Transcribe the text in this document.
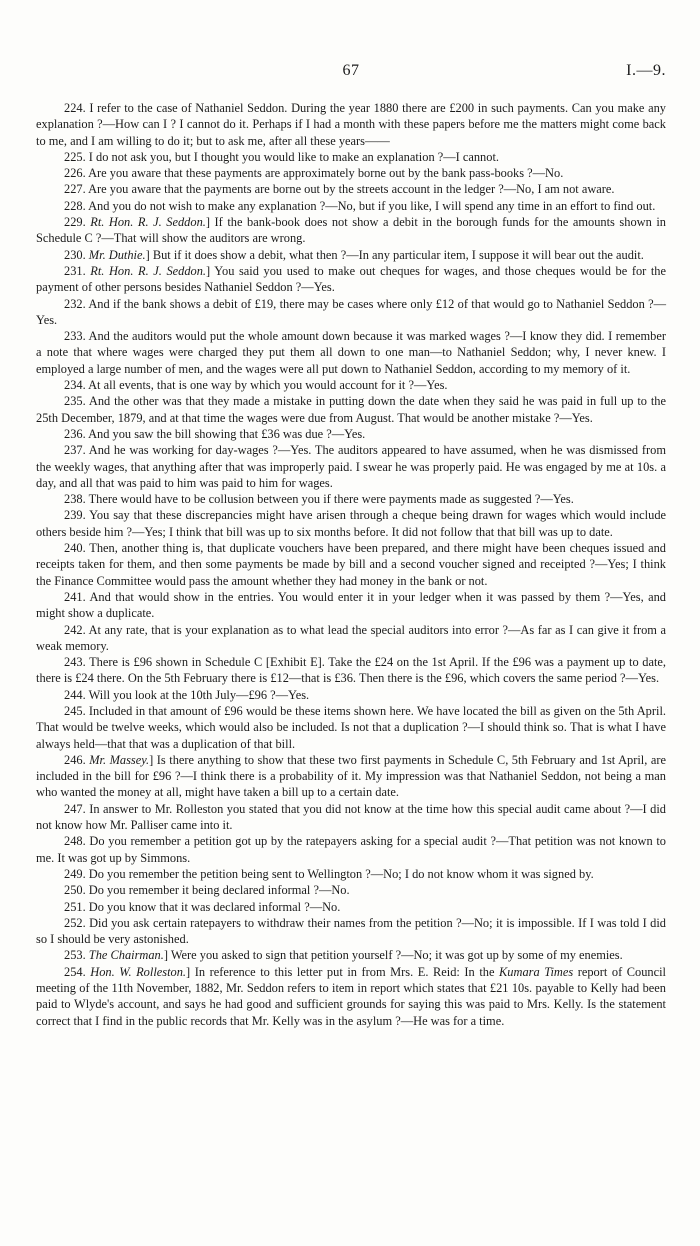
67	I.—9.

224. I refer to the case of Nathaniel Seddon. During the year 1880 there are £200 in such payments. Can you make any explanation ?—How can I ? I cannot do it. Perhaps if I had a month with these papers before me the matters might come back to me, and I am willing to do it; but to ask me, after all these years——

225. I do not ask you, but I thought you would like to make an explanation ?—I cannot.

226. Are you aware that these payments are approximately borne out by the bank pass-books ?—No.

227. Are you aware that the payments are borne out by the streets account in the ledger ?—No, I am not aware.

228. And you do not wish to make any explanation ?—No, but if you like, I will spend any time in an effort to find out.

229. Rt. Hon. R. J. Seddon.] If the bank-book does not show a debit in the borough funds for the amounts shown in Schedule C ?—That will show the auditors are wrong.

230. Mr. Duthie.] But if it does show a debit, what then ?—In any particular item, I suppose it will bear out the audit.

231. Rt. Hon. R. J. Seddon.] You said you used to make out cheques for wages, and those cheques would be for the payment of other persons besides Nathaniel Seddon ?—Yes.

232. And if the bank shows a debit of £19, there may be cases where only £12 of that would go to Nathaniel Seddon ?—Yes.

233. And the auditors would put the whole amount down because it was marked wages ?—I know they did. I remember a note that where wages were charged they put them all down to one man—to Nathaniel Seddon; why, I never knew. I employed a large number of men, and the wages were all put down to Nathaniel Seddon, according to my memory of it.

234. At all events, that is one way by which you would account for it ?—Yes.

235. And the other was that they made a mistake in putting down the date when they said he was paid in full up to the 25th December, 1879, and at that time the wages were due from August. That would be another mistake ?—Yes.

236. And you saw the bill showing that £36 was due ?—Yes.

237. And he was working for day-wages ?—Yes. The auditors appeared to have assumed, when he was dismissed from the weekly wages, that anything after that was improperly paid. I swear he was properly paid. He was engaged by me at 10s. a day, and all that was paid to him was paid to him for wages.

238. There would have to be collusion between you if there were payments made as suggested ?—Yes.

239. You say that these discrepancies might have arisen through a cheque being drawn for wages which would include others beside him ?—Yes; I think that bill was up to six months before. It did not follow that that bill was up to date.

240. Then, another thing is, that duplicate vouchers have been prepared, and there might have been cheques issued and receipts taken for them, and then some payments be made by bill and a second voucher signed and receipted ?—Yes; I think the Finance Committee would pass the amount whether they had money in the bank or not.

241. And that would show in the entries. You would enter it in your ledger when it was passed by them ?—Yes, and might show a duplicate.

242. At any rate, that is your explanation as to what lead the special auditors into error ?—As far as I can give it from a weak memory.

243. There is £96 shown in Schedule C [Exhibit E]. Take the £24 on the 1st April. If the £96 was a payment up to date, there is £24 there. On the 5th February there is £12—that is £36. Then there is the £96, which covers the same period ?—Yes.

244. Will you look at the 10th July—£96 ?—Yes.

245. Included in that amount of £96 would be these items shown here. We have located the bill as given on the 5th April. That would be twelve weeks, which would also be included. Is not that a duplication ?—I should think so. That is what I have always held—that that was a duplication of that bill.

246. Mr. Massey.] Is there anything to show that these two first payments in Schedule C, 5th February and 1st April, are included in the bill for £96 ?—I think there is a probability of it. My impression was that Nathaniel Seddon, not being a man who wanted the money at all, might have taken a bill up to a certain date.

247. In answer to Mr. Rolleston you stated that you did not know at the time how this special audit came about ?—I did not know how Mr. Palliser came into it.

248. Do you remember a petition got up by the ratepayers asking for a special audit ?—That petition was not known to me. It was got up by Simmons.

249. Do you remember the petition being sent to Wellington ?—No; I do not know whom it was signed by.

250. Do you remember it being declared informal ?—No.

251. Do you know that it was declared informal ?—No.

252. Did you ask certain ratepayers to withdraw their names from the petition ?—No; it is impossible. If I was told I did so I should be very astonished.

253. The Chairman.] Were you asked to sign that petition yourself ?—No; it was got up by some of my enemies.

254. Hon. W. Rolleston.] In reference to this letter put in from Mrs. E. Reid: In the Kumara Times report of Council meeting of the 11th November, 1882, Mr. Seddon refers to item in report which states that £21 10s. payable to Kelly had been paid to Wlyde's account, and says he had good and sufficient grounds for saying this was paid to Mrs. Kelly. Is the statement correct that I find in the public records that Mr. Kelly was in the asylum ?—He was for a time.
